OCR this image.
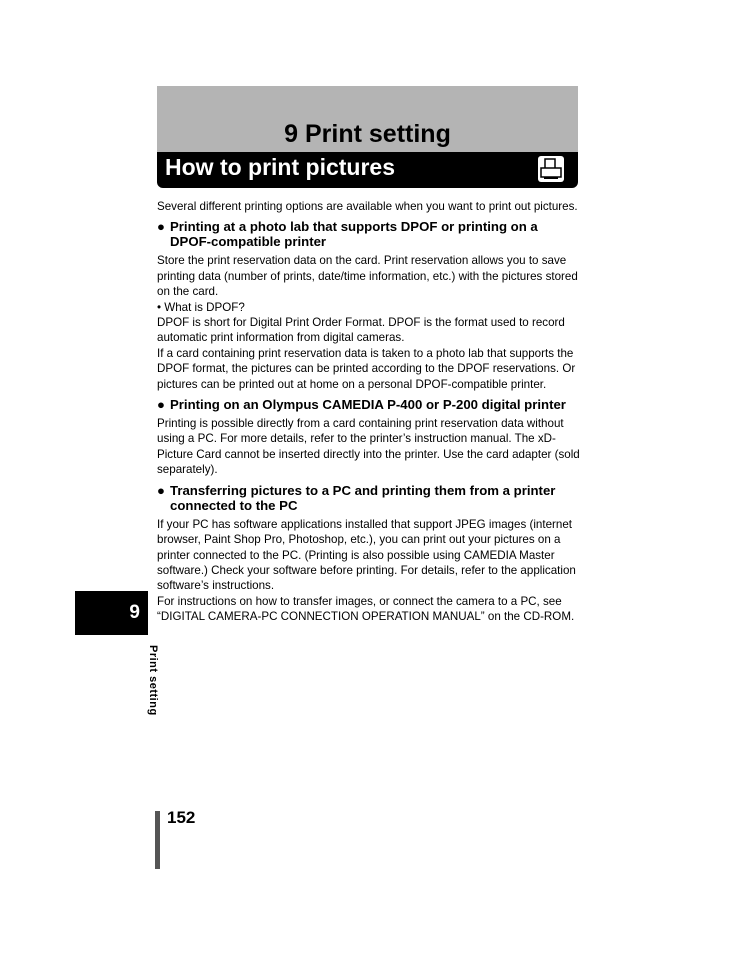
9 Print setting
How to print pictures

Several different printing options are available when you want to print out pictures.

● Printing at a photo lab that supports DPOF or printing on a DPOF-compatible printer

Store the print reservation data on the card. Print reservation allows you to save printing data (number of prints, date/time information, etc.) with the pictures stored on the card.

• What is DPOF?

DPOF is short for Digital Print Order Format. DPOF is the format used to record automatic print information from digital cameras.

If a card containing print reservation data is taken to a photo lab that supports the DPOF format, the pictures can be printed according to the DPOF reservations. Or pictures can be printed out at home on a personal DPOF-compatible printer.

● Printing on an Olympus CAMEDIA P-400 or P-200 digital printer

Printing is possible directly from a card containing print reservation data without using a PC. For more details, refer to the printer’s instruction manual. The xD-Picture Card cannot be inserted directly into the printer. Use the card adapter (sold separately).

● Transferring pictures to a PC and printing them from a printer connected to the PC

If your PC has software applications installed that support JPEG images (internet browser, Paint Shop Pro, Photoshop, etc.), you can print out your pictures on a printer connected to the PC. (Printing is also possible using CAMEDIA Master software.) Check your software before printing. For details, refer to the application software’s instructions.

For instructions on how to transfer images, or connect the camera to a PC, see “DIGITAL CAMERA-PC CONNECTION OPERATION MANUAL” on the CD-ROM.

9
Print setting
152
